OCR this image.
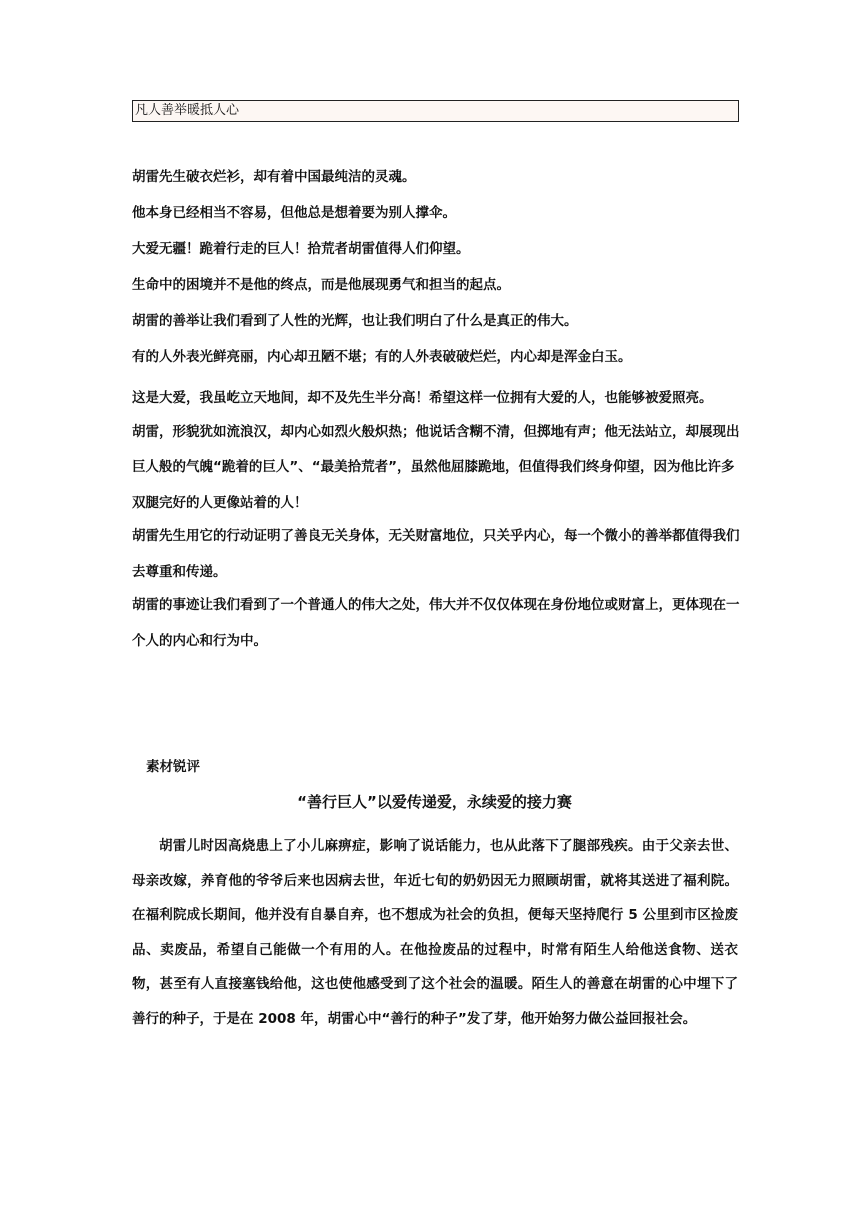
凡人善举暖抵人心

胡雷先生破衣烂衫，却有着中国最纯洁的灵魂。

他本身已经相当不容易，但他总是想着要为别人撑伞。

大爱无疆！跪着行走的巨人！拾荒者胡雷值得人们仰望。

生命中的困境并不是他的终点，而是他展现勇气和担当的起点。

胡雷的善举让我们看到了人性的光辉，也让我们明白了什么是真正的伟大。

有的人外表光鲜亮丽，内心却丑陋不堪；有的人外表破破烂烂，内心却是浑金白玉。

这是大爱，我虽屹立天地间，却不及先生半分高！希望这样一位拥有大爱的人，也能够被爱照亮。

胡雷，形貌犹如流浪汉，却内心如烈火般炽热；他说话含糊不清，但掷地有声；他无法站立，却展现出巨人般的气魄“跪着的巨人”、“最美拾荒者”，虽然他屈膝跪地，但值得我们终身仰望，因为他比许多双腿完好的人更像站着的人！

胡雷先生用它的行动证明了善良无关身体，无关财富地位，只关乎内心，每一个微小的善举都值得我们去尊重和传递。

胡雷的事迹让我们看到了一个普通人的伟大之处，伟大并不仅仅体现在身份地位或财富上，更体现在一个人的内心和行为中。

素材锐评
“善行巨人”以爱传递爱，永续爱的接力赛
胡雷儿时因高烧患上了小儿麻痹症，影响了说话能力，也从此落下了腿部残疾。由于父亲去世、母亲改嫁，养育他的爷爷后来也因病去世，年近七旬的奶奶因无力照顾胡雷，就将其送进了福利院。在福利院成长期间，他并没有自暴自弃，也不想成为社会的负担，便每天坚持爬行 5 公里到市区捡废品、卖废品，希望自己能做一个有用的人。在他捡废品的过程中，时常有陌生人给他送食物、送衣物，甚至有人直接塞钱给他，这也使他感受到了这个社会的温暖。陌生人的善意在胡雷的心中埋下了善行的种子，于是在 2008 年，胡雷心中“善行的种子”发了芽，他开始努力做公益回报社会。
